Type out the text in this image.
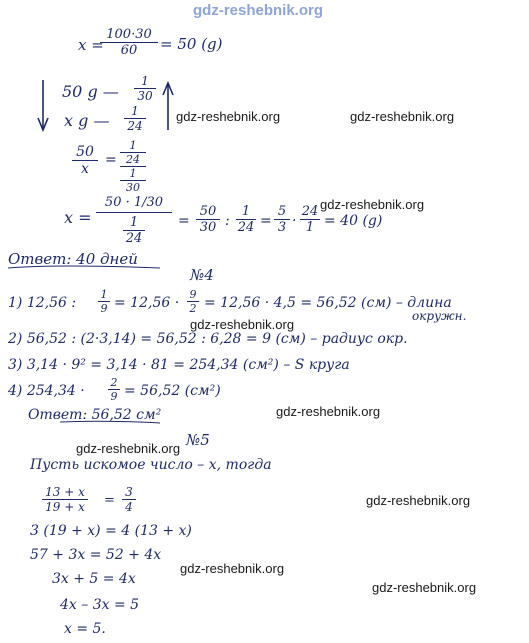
gdz-reshebnik.org
gdz-reshebnik.org	gdz-reshebnik.org
gdz-reshebnik.org
gdz-reshebnik.org
gdz-reshebnik.org
gdz-reshebnik.org
gdz-reshebnik.org
gdz-reshebnik.org
gdz-reshebnik.org
x =
100·30
60	= 50 (g)
50 g —
1
30
x g —	1
24
50
x
=
1
24
1
30
x =
50 · 1/30
1
24
=
50
30 :
1
24 =
5
3 ·
24
1 = 40 (g)
Ответ: 40 дней
№4
1) 12,56 :
1
9 = 12,56 ·
9
2 = 12,56 · 4,5 = 56,52 (см) – длина
окружн.
2) 56,52 : (2·3,14) = 56,52 : 6,28 = 9 (см) – радиус окр.
3) 3,14 · 9² = 3,14 · 81 = 254,34 (см²) – S круга
4) 254,34 ·
2
9 = 56,52 (см²)
Ответ: 56,52 см²
№5
Пусть искомое число – x, тогда
13 + x
19 + x =
3
4
3 (19 + x) = 4 (13 + x)
57 + 3x = 52 + 4x
3x + 5 = 4x
4x – 3x = 5
x = 5.
